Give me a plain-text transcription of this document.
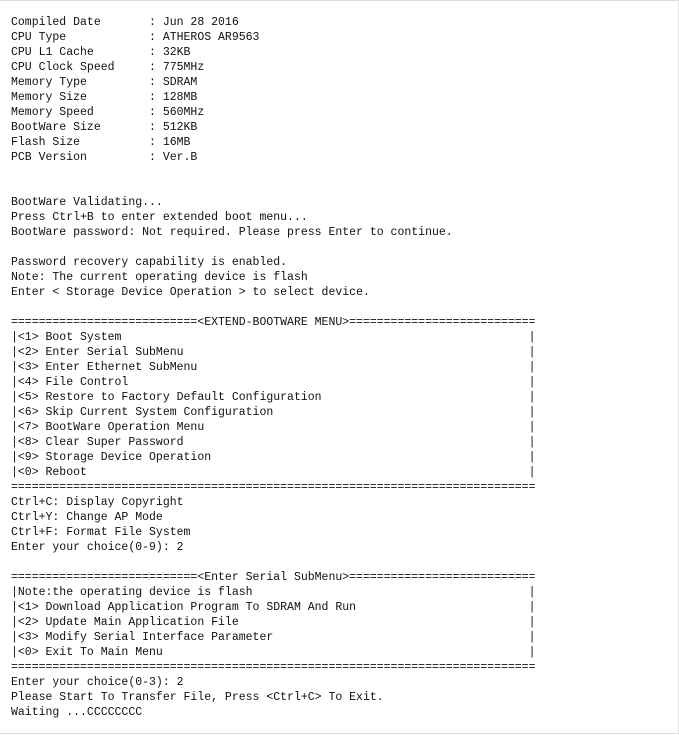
Compiled Date       : Jun 28 2016
CPU Type            : ATHEROS AR9563
CPU L1 Cache        : 32KB
CPU Clock Speed     : 775MHz
Memory Type         : SDRAM
Memory Size         : 128MB
Memory Speed        : 560MHz
BootWare Size       : 512KB
Flash Size          : 16MB
PCB Version         : Ver.B
BootWare Validating...
Press Ctrl+B to enter extended boot menu...
BootWare password: Not required. Please press Enter to continue.
Password recovery capability is enabled.
Note: The current operating device is flash
Enter < Storage Device Operation > to select device.
===========================<EXTEND-BOOTWARE MENU>===========================
|<1> Boot System                                                           |
|<2> Enter Serial SubMenu                                                  |
|<3> Enter Ethernet SubMenu                                                |
|<4> File Control                                                          |
|<5> Restore to Factory Default Configuration                              |
|<6> Skip Current System Configuration                                     |
|<7> BootWare Operation Menu                                               |
|<8> Clear Super Password                                                  |
|<9> Storage Device Operation                                              |
|<0> Reboot                                                                |
============================================================================
Ctrl+C: Display Copyright
Ctrl+Y: Change AP Mode
Ctrl+F: Format File System
Enter your choice(0-9): 2
===========================<Enter Serial SubMenu>===========================
|Note:the operating device is flash                                        |
|<1> Download Application Program To SDRAM And Run                         |
|<2> Update Main Application File                                          |
|<3> Modify Serial Interface Parameter                                     |
|<0> Exit To Main Menu                                                     |
============================================================================
Enter your choice(0-3): 2
Please Start To Transfer File, Press <Ctrl+C> To Exit.
Waiting ...CCCCCCCC
